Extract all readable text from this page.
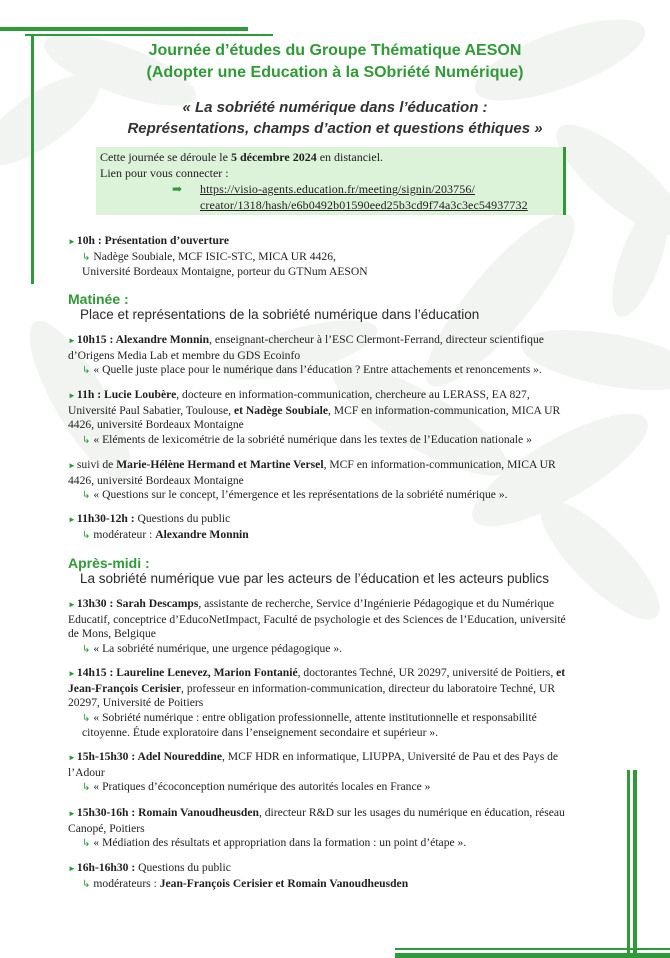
Journée d’études du Groupe Thématique AESON
(Adopter une Education à la SObriété Numérique)
« La sobriété numérique dans l’éducation :
Représentations, champs d’action et questions éthiques »
Cette journée se déroule le 5 décembre 2024 en distanciel.
Lien pour vous connecter :
➡	https://visio-agents.education.fr/meeting/signin/203756/
creator/1318/hash/e6b0492b01590eed25b3cd9f74a3c3ec54937732
►10h : Présentation d’ouverture
↳ Nadège Soubiale, MCF ISIC-STC, MICA UR 4426,
Université Bordeaux Montaigne, porteur du GTNum AESON
Matinée :
Place et représentations de la sobriété numérique dans l’éducation
►10h15 : Alexandre Monnin, enseignant-chercheur à l’ESC Clermont-Ferrand, directeur scientifique
d’Origens Media Lab et membre du GDS Ecoinfo
↳ « Quelle juste place pour le numérique dans l’éducation ? Entre attachements et renoncements ».
►11h : Lucie Loubère, docteure en information-communication, chercheure au LERASS, EA 827,
Université Paul Sabatier, Toulouse, et Nadège Soubiale, MCF en information-communication, MICA UR
4426, université Bordeaux Montaigne
↳ « Eléments de lexicométrie de la sobriété numérique dans les textes de l’Education nationale »
►suivi de Marie-Hélène Hermand et Martine Versel, MCF en information-communication, MICA UR
4426, université Bordeaux Montaigne
↳ « Questions sur le concept, l’émergence et les représentations de la sobriété numérique ».
►11h30-12h : Questions du public
↳ modérateur : Alexandre Monnin
Après-midi :
La sobriété numérique vue par les acteurs de l’éducation et les acteurs publics
►13h30 : Sarah Descamps, assistante de recherche, Service d’Ingénierie Pédagogique et du Numérique
Educatif, conceptrice d’EducoNetImpact, Faculté de psychologie et des Sciences de l’Education, université
de Mons, Belgique
↳ « La sobriété numérique, une urgence pédagogique ».
►14h15 : Laureline Lenevez, Marion Fontanié, doctorantes Techné, UR 20297, université de Poitiers, et
Jean-François Cerisier, professeur en information-communication, directeur du laboratoire Techné, UR
20297, Université de Poitiers
↳ « Sobriété numérique : entre obligation professionnelle, attente institutionnelle et responsabilité
citoyenne. Étude exploratoire dans l’enseignement secondaire et supérieur ».
►15h-15h30 : Adel Noureddine, MCF HDR en informatique, LIUPPA, Université de Pau et des Pays de
l’Adour
↳ « Pratiques d’écoconception numérique des autorités locales en France »
►15h30-16h : Romain Vanoudheusden, directeur R&D sur les usages du numérique en éducation, réseau
Canopé, Poitiers
↳ « Médiation des résultats et appropriation dans la formation : un point d’étape ».
►16h-16h30 : Questions du public
↳ modérateurs : Jean-François Cerisier et Romain Vanoudheusden
